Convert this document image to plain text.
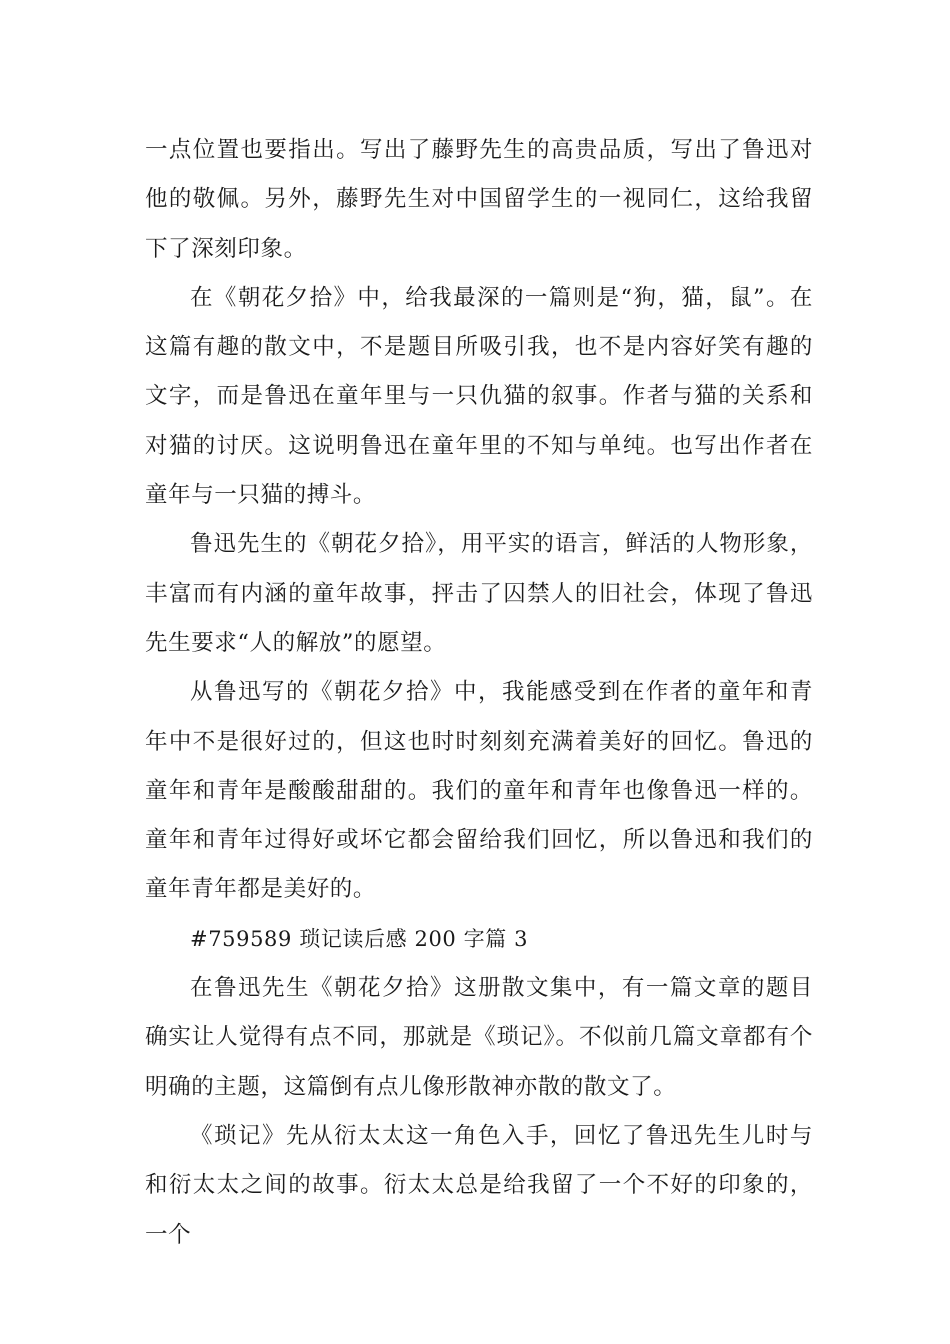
一点位置也要指出。写出了藤野先生的高贵品质，写出了鲁迅对他的敬佩。另外，藤野先生对中国留学生的一视同仁，这给我留下了深刻印象。

在《朝花夕拾》中，给我最深的一篇则是“狗，猫，鼠”。在这篇有趣的散文中，不是题目所吸引我，也不是内容好笑有趣的文字，而是鲁迅在童年里与一只仇猫的叙事。作者与猫的关系和对猫的讨厌。这说明鲁迅在童年里的不知与单纯。也写出作者在童年与一只猫的搏斗。

鲁迅先生的《朝花夕拾》，用平实的语言，鲜活的人物形象，丰富而有内涵的童年故事，抨击了囚禁人的旧社会，体现了鲁迅先生要求“人的解放”的愿望。

从鲁迅写的《朝花夕拾》中，我能感受到在作者的童年和青年中不是很好过的，但这也时时刻刻充满着美好的回忆。鲁迅的童年和青年是酸酸甜甜的。我们的童年和青年也像鲁迅一样的。童年和青年过得好或坏它都会留给我们回忆，所以鲁迅和我们的童年青年都是美好的。

#759589 琐记读后感 200 字篇 3

在鲁迅先生《朝花夕拾》这册散文集中，有一篇文章的题目确实让人觉得有点不同，那就是《琐记》。不似前几篇文章都有个明确的主题，这篇倒有点儿像形散神亦散的散文了。

《琐记》先从衍太太这一角色入手，回忆了鲁迅先生儿时与和衍太太之间的故事。衍太太总是给我留了一个不好的印象的，一个
